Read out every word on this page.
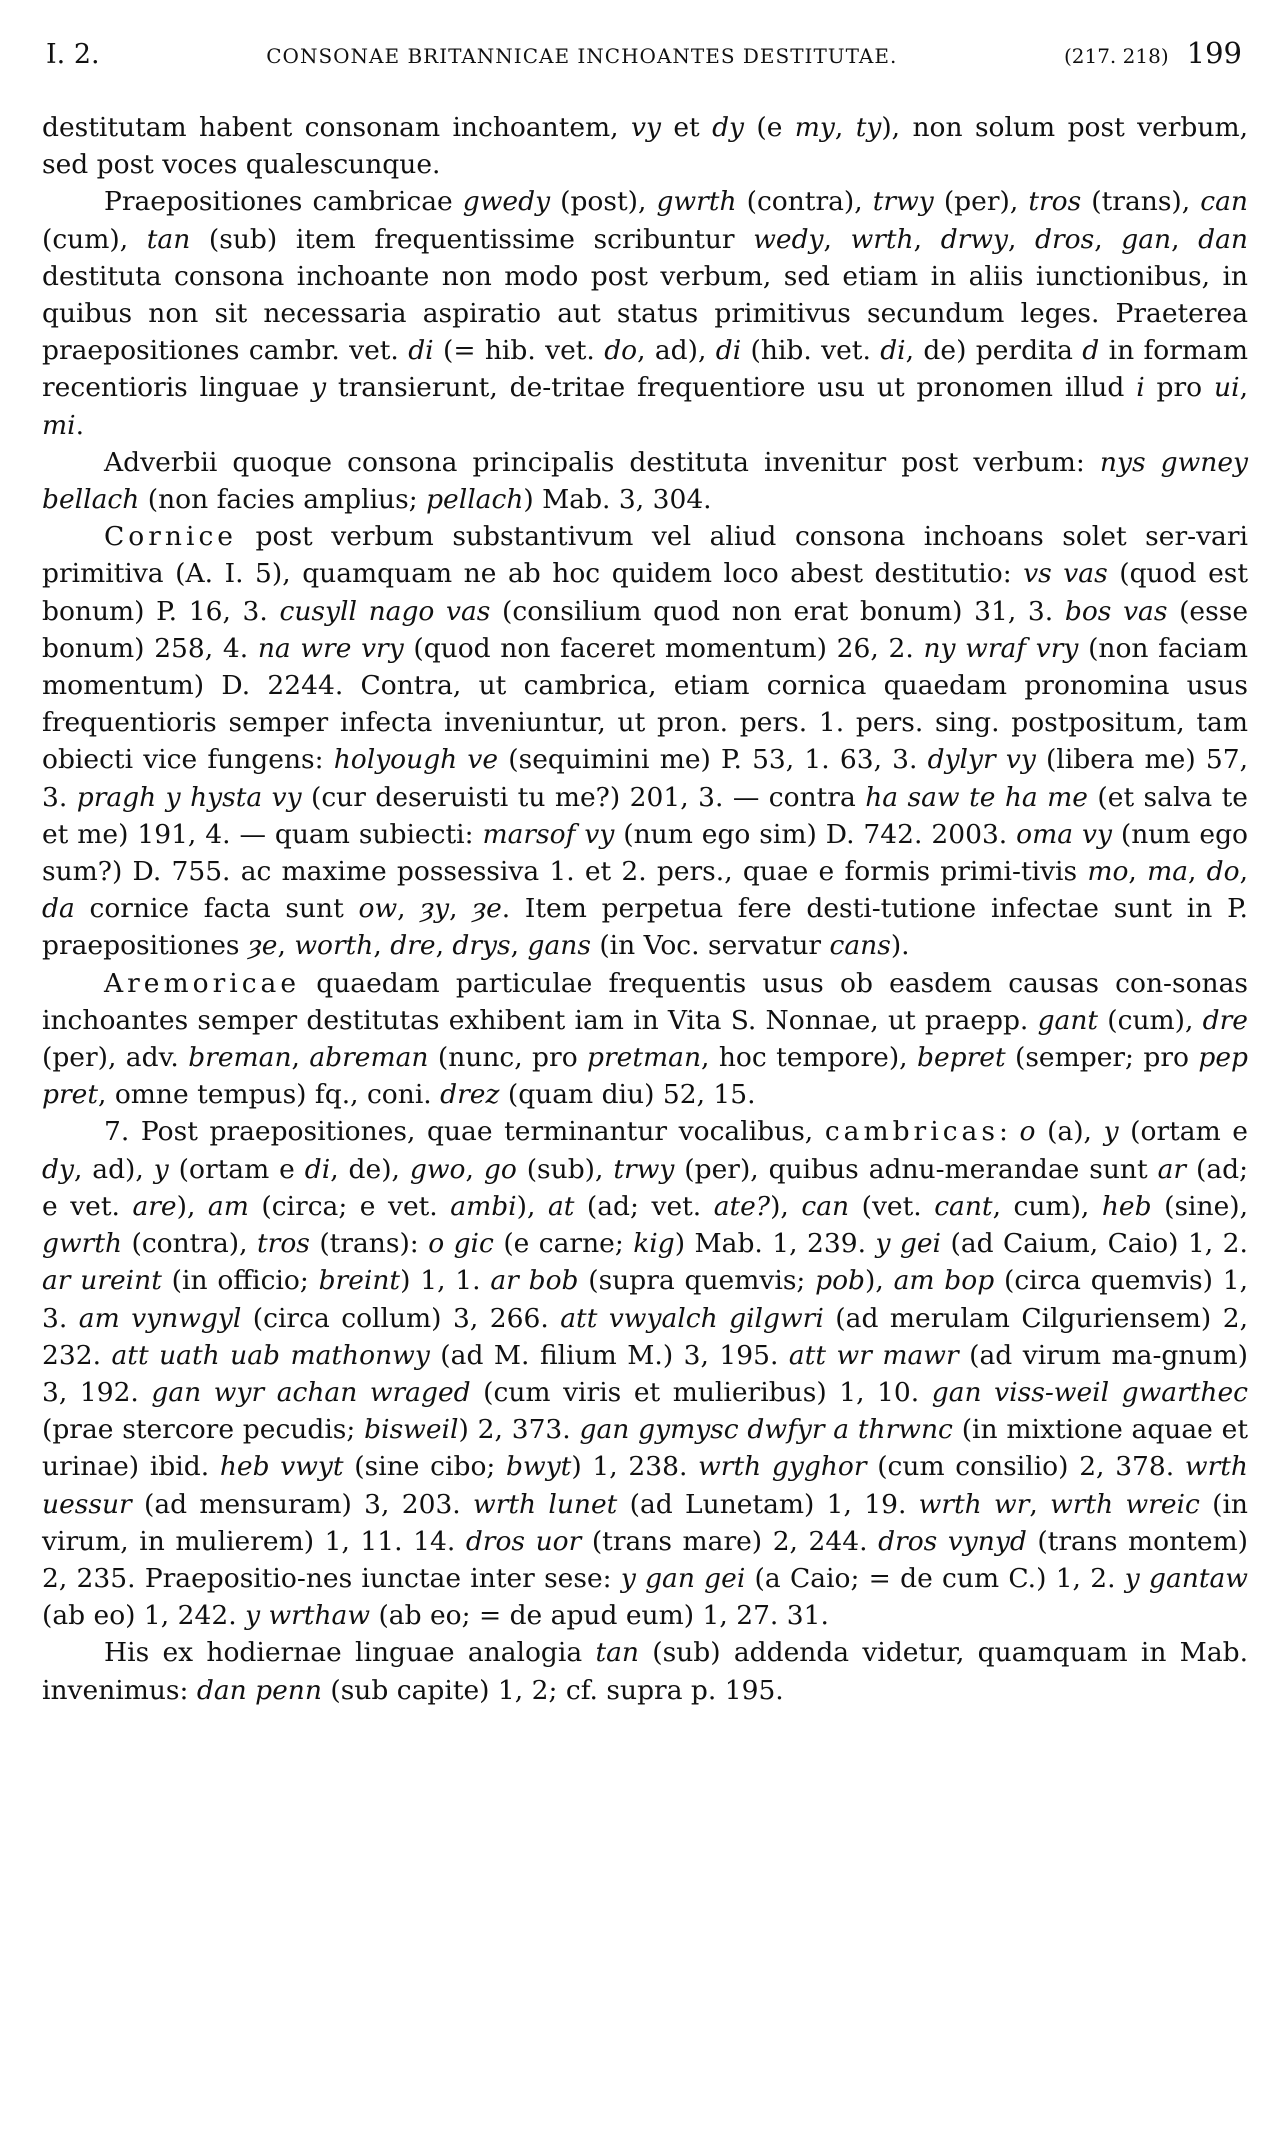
I. 2.	CONSONAE BRITANNICAE INCHOANTES DESTITUTAE.	(217. 218) 199

destitutam habent consonam inchoantem, vy et dy (e my, ty), non solum post verbum, sed post voces qualescunque.

Praepositiones cambricae gwedy (post), gwrth (contra), trwy (per), tros (trans), can (cum), tan (sub) item frequentissime scribuntur wedy, wrth, drwy, dros, gan, dan destituta consona inchoante non modo post verbum, sed etiam in aliis iunctionibus, in quibus non sit necessaria aspiratio aut status primitivus secundum leges. Praeterea praepositiones cambr. vet. di (= hib. vet. do, ad), di (hib. vet. di, de) perdita d in formam recentioris linguae y transierunt, de-tritae frequentiore usu ut pronomen illud i pro ui, mi.

Adverbii quoque consona principalis destituta invenitur post verbum: nys gwney bellach (non facies amplius; pellach) Mab. 3, 304.

Cornice post verbum substantivum vel aliud consona inchoans solet ser-vari primitiva (A. I. 5), quamquam ne ab hoc quidem loco abest destitutio: vs vas (quod est bonum) P. 16, 3. cusyll nago vas (consilium quod non erat bonum) 31, 3. bos vas (esse bonum) 258, 4. na wre vry (quod non faceret momentum) 26, 2. ny wraf vry (non faciam momentum) D. 2244. Contra, ut cambrica, etiam cornica quaedam pronomina usus frequentioris semper infecta inveniuntur, ut pron. pers. 1. pers. sing. postpositum, tam obiecti vice fungens: holyough ve (sequimini me) P. 53, 1. 63, 3. dylyr vy (libera me) 57, 3. pragh y hysta vy (cur deseruisti tu me?) 201, 3. — contra ha saw te ha me (et salva te et me) 191, 4. — quam subiecti: marsof vy (num ego sim) D. 742. 2003. oma vy (num ego sum?) D. 755. ac maxime possessiva 1. et 2. pers., quae e formis primi-tivis mo, ma, do, da cornice facta sunt ow, ȝy, ȝe. Item perpetua fere desti-tutione infectae sunt in P. praepositiones ȝe, worth, dre, drys, gans (in Voc. servatur cans).

Aremoricae quaedam particulae frequentis usus ob easdem causas con-sonas inchoantes semper destitutas exhibent iam in Vita S. Nonnae, ut praepp. gant (cum), dre (per), adv. breman, abreman (nunc, pro pretman, hoc tempore), bepret (semper; pro pep pret, omne tempus) fq., coni. drez (quam diu) 52, 15.

7. Post praepositiones, quae terminantur vocalibus, cambricas: o (a), y (ortam e dy, ad), y (ortam e di, de), gwo, go (sub), trwy (per), quibus adnu-merandae sunt ar (ad; e vet. are), am (circa; e vet. ambi), at (ad; vet. ate?), can (vet. cant, cum), heb (sine), gwrth (contra), tros (trans): o gic (e carne; kig) Mab. 1, 239. y gei (ad Caium, Caio) 1, 2. ar ureint (in officio; breint) 1, 1. ar bob (supra quemvis; pob), am bop (circa quemvis) 1, 3. am vynwgyl (circa collum) 3, 266. att vwyalch gilgwri (ad merulam Cilguriensem) 2, 232. att uath uab mathonwy (ad M. filium M.) 3, 195. att wr mawr (ad virum ma-gnum) 3, 192. gan wyr achan wraged (cum viris et mulieribus) 1, 10. gan viss-weil gwarthec (prae stercore pecudis; bisweil) 2, 373. gan gymysc dwfyr a thrwnc (in mixtione aquae et urinae) ibid. heb vwyt (sine cibo; bwyt) 1, 238. wrth gyghor (cum consilio) 2, 378. wrth uessur (ad mensuram) 3, 203. wrth lunet (ad Lunetam) 1, 19. wrth wr, wrth wreic (in virum, in mulierem) 1, 11. 14. dros uor (trans mare) 2, 244. dros vynyd (trans montem) 2, 235. Praepositio-nes iunctae inter sese: y gan gei (a Caio; = de cum C.) 1, 2. y gantaw (ab eo) 1, 242. y wrthaw (ab eo; = de apud eum) 1, 27. 31.

His ex hodiernae linguae analogia tan (sub) addenda videtur, quamquam in Mab. invenimus: dan penn (sub capite) 1, 2; cf. supra p. 195.
